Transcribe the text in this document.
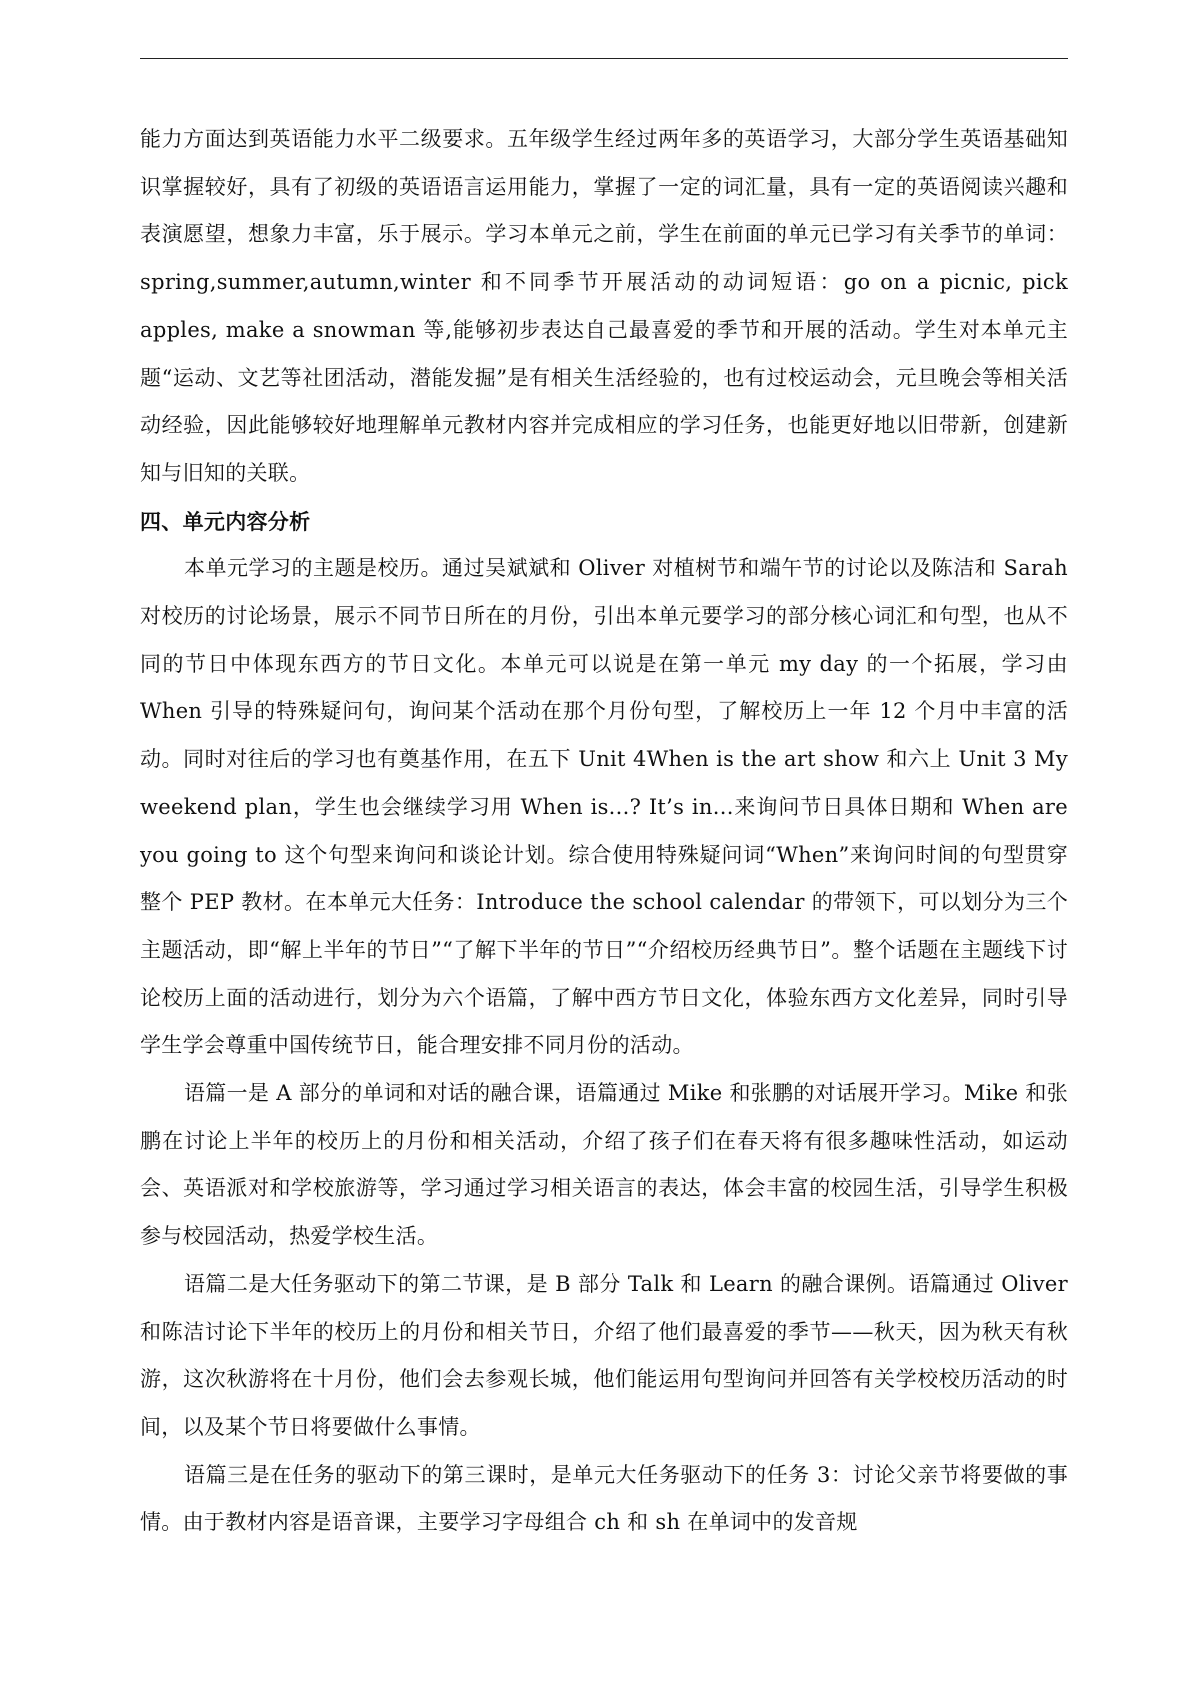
能力方面达到英语能力水平二级要求。五年级学生经过两年多的英语学习，大部分学生英语基础知识掌握较好，具有了初级的英语语言运用能力，掌握了一定的词汇量，具有一定的英语阅读兴趣和表演愿望，想象力丰富，乐于展示。学习本单元之前，学生在前面的单元已学习有关季节的单词：spring,summer,autumn,winter 和不同季节开展活动的动词短语：go on a picnic, pick apples, make a snowman 等,能够初步表达自己最喜爱的季节和开展的活动。学生对本单元主题“运动、文艺等社团活动，潜能发掘”是有相关生活经验的，也有过校运动会，元旦晚会等相关活动经验，因此能够较好地理解单元教材内容并完成相应的学习任务，也能更好地以旧带新，创建新知与旧知的关联。

四、单元内容分析

本单元学习的主题是校历。通过吴斌斌和 Oliver 对植树节和端午节的讨论以及陈洁和 Sarah 对校历的讨论场景，展示不同节日所在的月份，引出本单元要学习的部分核心词汇和句型，也从不同的节日中体现东西方的节日文化。本单元可以说是在第一单元 my day 的一个拓展，学习由 When 引导的特殊疑问句，询问某个活动在那个月份句型，了解校历上一年 12 个月中丰富的活动。同时对往后的学习也有奠基作用，在五下 Unit 4When is the art show 和六上 Unit 3 My weekend plan，学生也会继续学习用 When is...? It’s in...来询问节日具体日期和 When are you going to 这个句型来询问和谈论计划。综合使用特殊疑问词“When”来询问时间的句型贯穿整个 PEP 教材。在本单元大任务：Introduce the school calendar 的带领下，可以划分为三个主题活动，即“解上半年的节日”“了解下半年的节日”“介绍校历经典节日”。整个话题在主题线下讨论校历上面的活动进行，划分为六个语篇，了解中西方节日文化，体验东西方文化差异，同时引导学生学会尊重中国传统节日，能合理安排不同月份的活动。

语篇一是 A 部分的单词和对话的融合课，语篇通过 Mike 和张鹏的对话展开学习。Mike 和张鹏在讨论上半年的校历上的月份和相关活动，介绍了孩子们在春天将有很多趣味性活动，如运动会、英语派对和学校旅游等，学习通过学习相关语言的表达，体会丰富的校园生活，引导学生积极参与校园活动，热爱学校生活。

语篇二是大任务驱动下的第二节课，是 B 部分 Talk 和 Learn 的融合课例。语篇通过 Oliver 和陈洁讨论下半年的校历上的月份和相关节日，介绍了他们最喜爱的季节——秋天，因为秋天有秋游，这次秋游将在十月份，他们会去参观长城，他们能运用句型询问并回答有关学校校历活动的时间，以及某个节日将要做什么事情。

语篇三是在任务的驱动下的第三课时，是单元大任务驱动下的任务 3：讨论父亲节将要做的事情。由于教材内容是语音课，主要学习字母组合 ch 和 sh 在单词中的发音规
